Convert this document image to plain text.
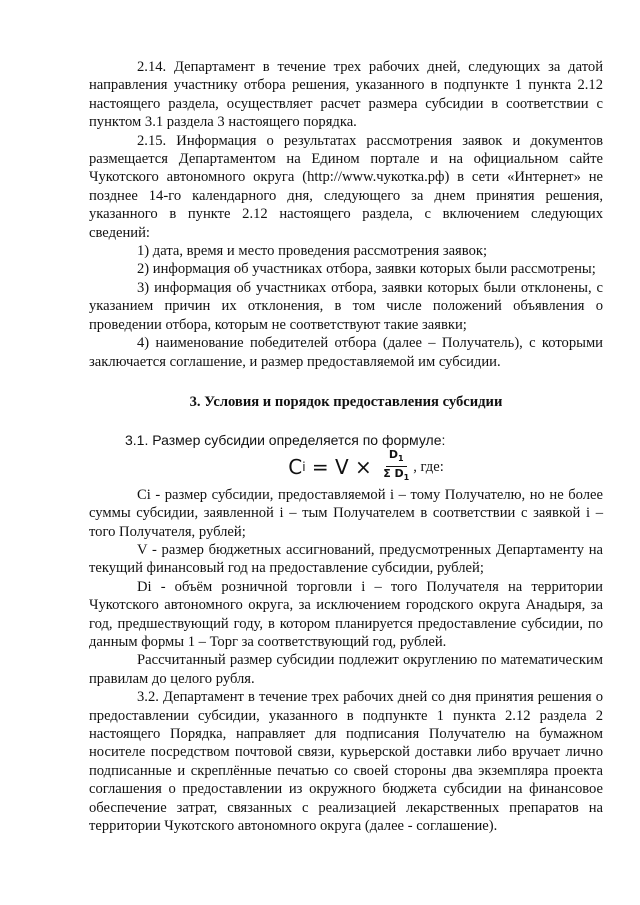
2.14. Департамент в течение трех рабочих дней, следующих за датой направления участнику отбора решения, указанного в подпункте 1 пункта 2.12 настоящего раздела, осуществляет расчет размера субсидии в соответствии с пунктом 3.1 раздела 3 настоящего порядка.

2.15. Информация о результатах рассмотрения заявок и документов размещается Департаментом на Едином портале и на официальном сайте Чукотского автономного округа (http://www.чукотка.рф) в сети «Интернет» не позднее 14-го календарного дня, следующего за днем принятия решения, указанного в пункте 2.12 настоящего раздела, с включением следующих сведений:

1) дата, время и место проведения рассмотрения заявок;

2) информация об участниках отбора, заявки которых были рассмотрены;

3) информация об участниках отбора, заявки которых были отклонены, с указанием причин их отклонения, в том числе положений объявления о проведении отбора, которым не соответствуют такие заявки;

4) наименование победителей отбора (далее – Получатель), с которыми заключается соглашение, и размер предоставляемой им субсидии.

3. Условия и порядок предоставления субсидии

3.1. Размер субсидии определяется по формуле:

C $i = V \times \frac{D_1}{\Sigma D_1}$ , где:

Ci - размер субсидии, предоставляемой i – тому Получателю, но не более суммы субсидии, заявленной i – тым Получателем в соответствии с заявкой i – того Получателя, рублей;

V - размер бюджетных ассигнований, предусмотренных Департаменту на текущий финансовый год на предоставление субсидии, рублей;

Di - объём розничной торговли i – того Получателя на территории Чукотского автономного округа, за исключением городского округа Анадыря, за год, предшествующий году, в котором планируется предоставление субсидии, по данным формы 1 – Торг за соответствующий год, рублей.

Рассчитанный размер субсидии подлежит округлению по математическим правилам до целого рубля.

3.2. Департамент в течение трех рабочих дней со дня принятия решения о предоставлении субсидии, указанного в подпункте 1 пункта 2.12 раздела 2 настоящего Порядка, направляет для подписания Получателю на бумажном носителе посредством почтовой связи, курьерской доставки либо вручает лично подписанные и скреплённые печатью со своей стороны два экземпляра проекта соглашения о предоставлении из окружного бюджета субсидии на финансовое обеспечение затрат, связанных с реализацией лекарственных препаратов на территории Чукотского автономного округа (далее - соглашение).
